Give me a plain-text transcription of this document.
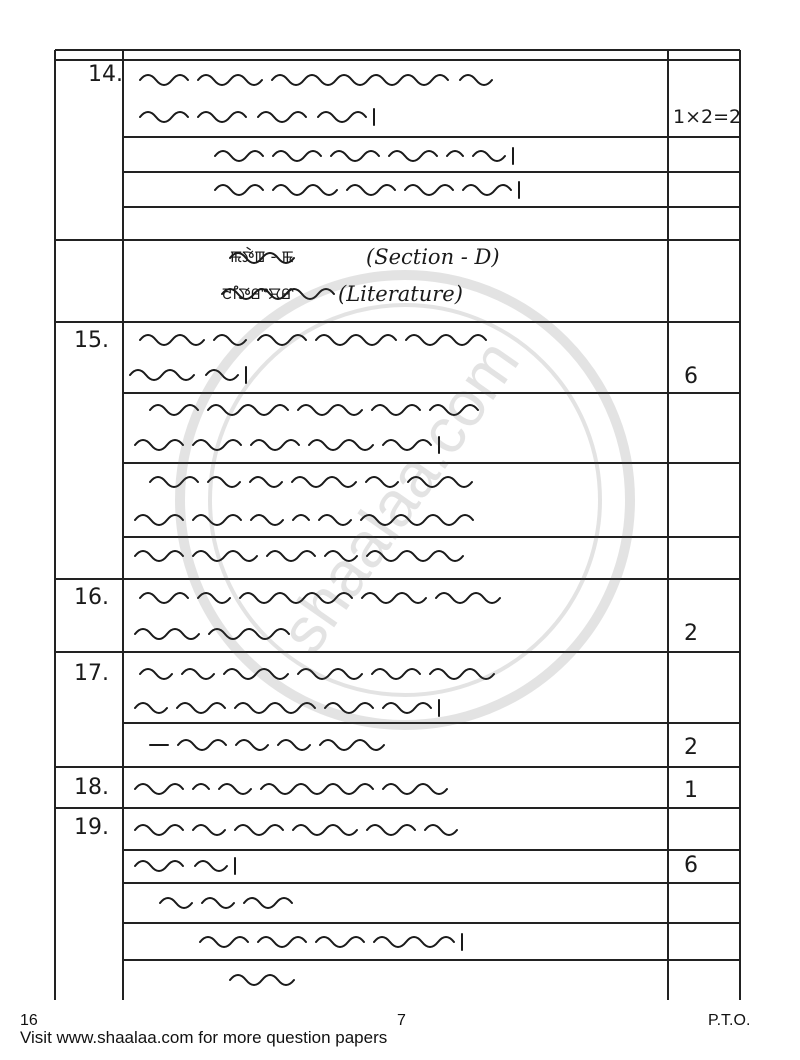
shaalaa.com
14.
15.
16.
17.
18.
19.
1×2=2
6
2
2
1
6
(Section - D)
(Literature)
16	7	P.T.O.
Visit www.shaalaa.com for more question papers
ꯃꯇꯥꯡ - ꯃ
ꯂꯤꯇꯔꯦꯆꯔ
